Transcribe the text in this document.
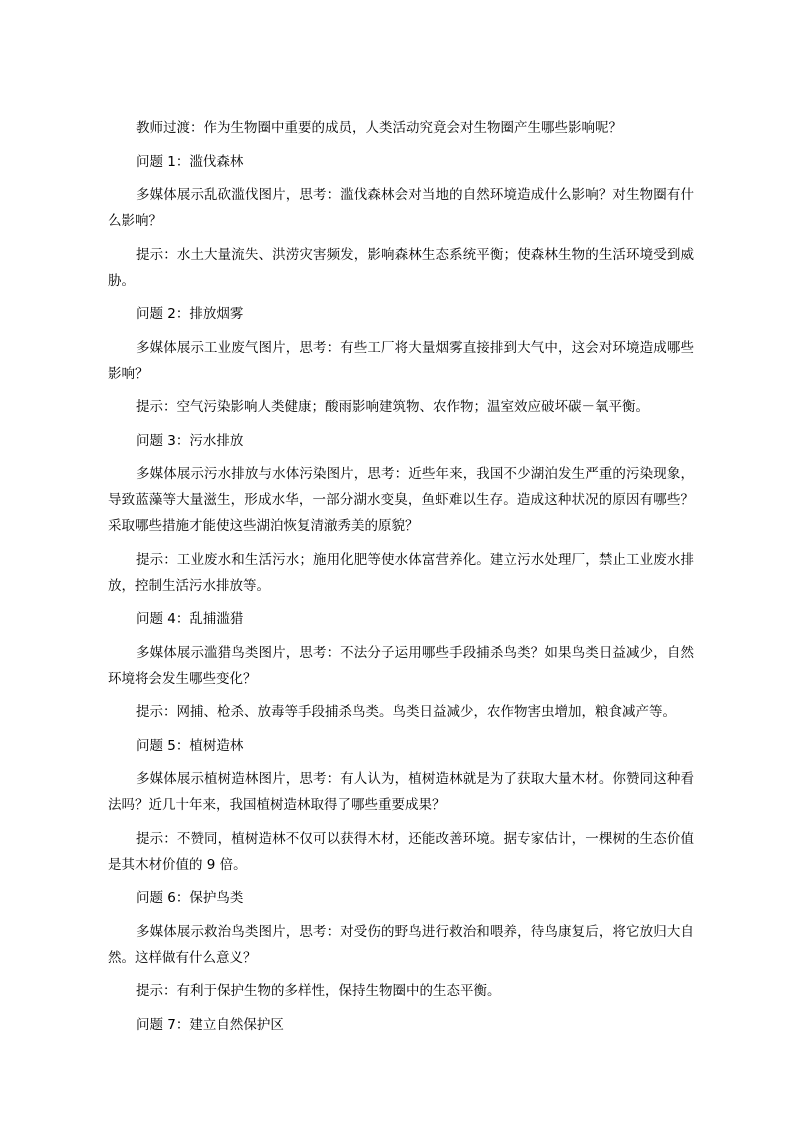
教师过渡：作为生物圈中重要的成员，人类活动究竟会对生物圈产生哪些影响呢？

问题 1：滥伐森林

多媒体展示乱砍滥伐图片，思考：滥伐森林会对当地的自然环境造成什么影响？对生物圈有什么影响？

提示：水土大量流失、洪涝灾害频发，影响森林生态系统平衡；使森林生物的生活环境受到威胁。

问题 2：排放烟雾

多媒体展示工业废气图片，思考：有些工厂将大量烟雾直接排到大气中，这会对环境造成哪些影响？

提示：空气污染影响人类健康；酸雨影响建筑物、农作物；温室效应破坏碳－氧平衡。

问题 3：污水排放

多媒体展示污水排放与水体污染图片，思考：近些年来，我国不少湖泊发生严重的污染现象，导致蓝藻等大量滋生，形成水华，一部分湖水变臭，鱼虾难以生存。造成这种状况的原因有哪些？采取哪些措施才能使这些湖泊恢复清澈秀美的原貌？

提示：工业废水和生活污水；施用化肥等使水体富营养化。建立污水处理厂，禁止工业废水排放，控制生活污水排放等。

问题 4：乱捕滥猎

多媒体展示滥猎鸟类图片，思考：不法分子运用哪些手段捕杀鸟类？如果鸟类日益减少，自然环境将会发生哪些变化？

提示：网捕、枪杀、放毒等手段捕杀鸟类。鸟类日益减少，农作物害虫增加，粮食减产等。

问题 5：植树造林

多媒体展示植树造林图片，思考：有人认为，植树造林就是为了获取大量木材。你赞同这种看法吗？近几十年来，我国植树造林取得了哪些重要成果？

提示：不赞同，植树造林不仅可以获得木材，还能改善环境。据专家估计，一棵树的生态价值是其木材价值的 9 倍。

问题 6：保护鸟类

多媒体展示救治鸟类图片，思考：对受伤的野鸟进行救治和喂养，待鸟康复后，将它放归大自然。这样做有什么意义？

提示：有利于保护生物的多样性，保持生物圈中的生态平衡。

问题 7：建立自然保护区
